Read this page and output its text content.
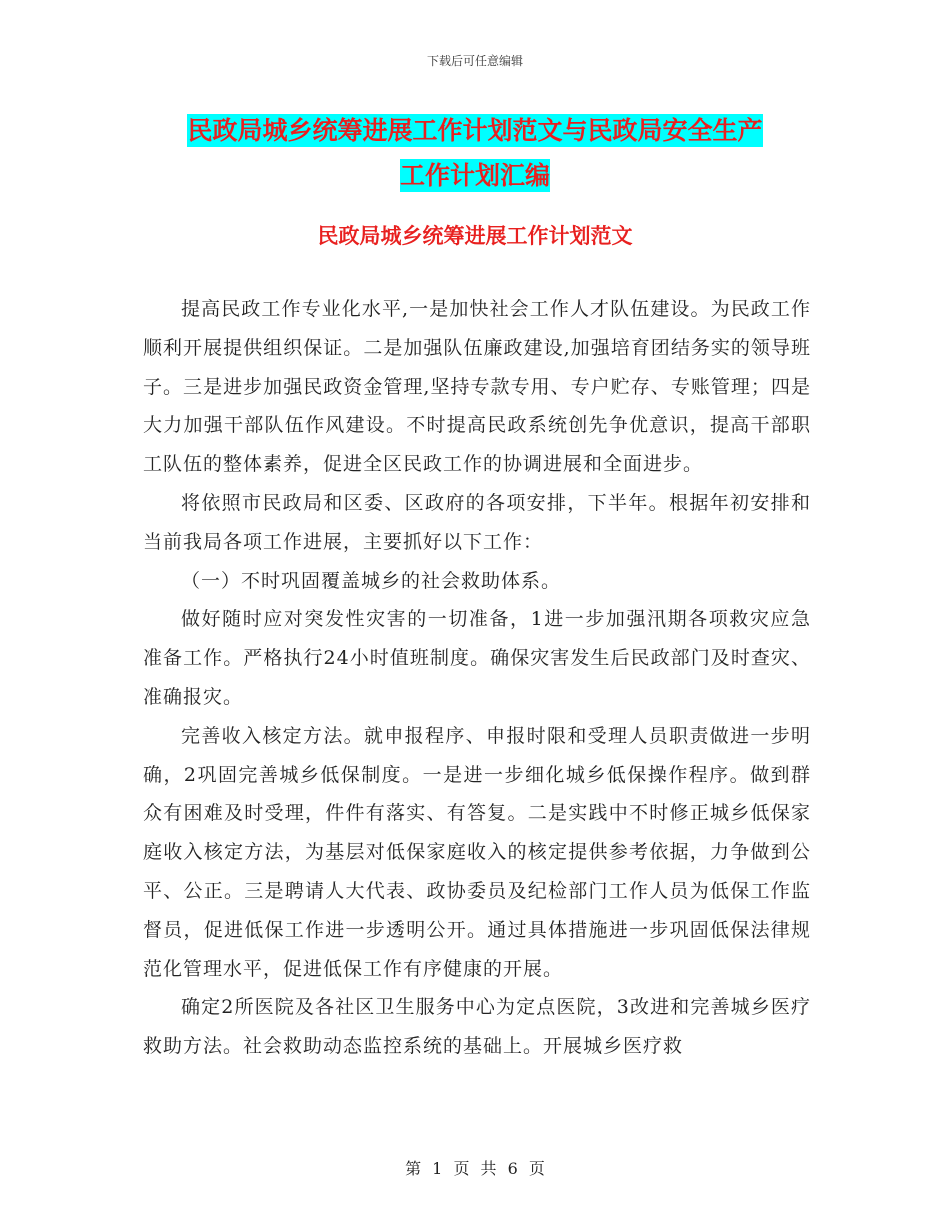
下载后可任意编辑
民政局城乡统筹进展工作计划范文与民政局安全生产
工作计划汇编
民政局城乡统筹进展工作计划范文

提高民政工作专业化水平,一是加快社会工作人才队伍建设。为民政工作顺利开展提供组织保证。二是加强队伍廉政建设,加强培育团结务实的领导班子。三是进步加强民政资金管理,坚持专款专用、专户贮存、专账管理；四是大力加强干部队伍作风建设。不时提高民政系统创先争优意识，提高干部职工队伍的整体素养，促进全区民政工作的协调进展和全面进步。

将依照市民政局和区委、区政府的各项安排，下半年。根据年初安排和当前我局各项工作进展，主要抓好以下工作：

（一）不时巩固覆盖城乡的社会救助体系。

做好随时应对突发性灾害的一切准备，1进一步加强汛期各项救灾应急准备工作。严格执行24小时值班制度。确保灾害发生后民政部门及时查灾、准确报灾。

完善收入核定方法。就申报程序、申报时限和受理人员职责做进一步明确，2巩固完善城乡低保制度。一是进一步细化城乡低保操作程序。做到群众有困难及时受理，件件有落实、有答复。二是实践中不时修正城乡低保家庭收入核定方法，为基层对低保家庭收入的核定提供参考依据，力争做到公平、公正。三是聘请人大代表、政协委员及纪检部门工作人员为低保工作监督员，促进低保工作进一步透明公开。通过具体措施进一步巩固低保法律规范化管理水平，促进低保工作有序健康的开展。

确定2所医院及各社区卫生服务中心为定点医院，3改进和完善城乡医疗救助方法。社会救助动态监控系统的基础上。开展城乡医疗救

第 1 页 共 6 页
